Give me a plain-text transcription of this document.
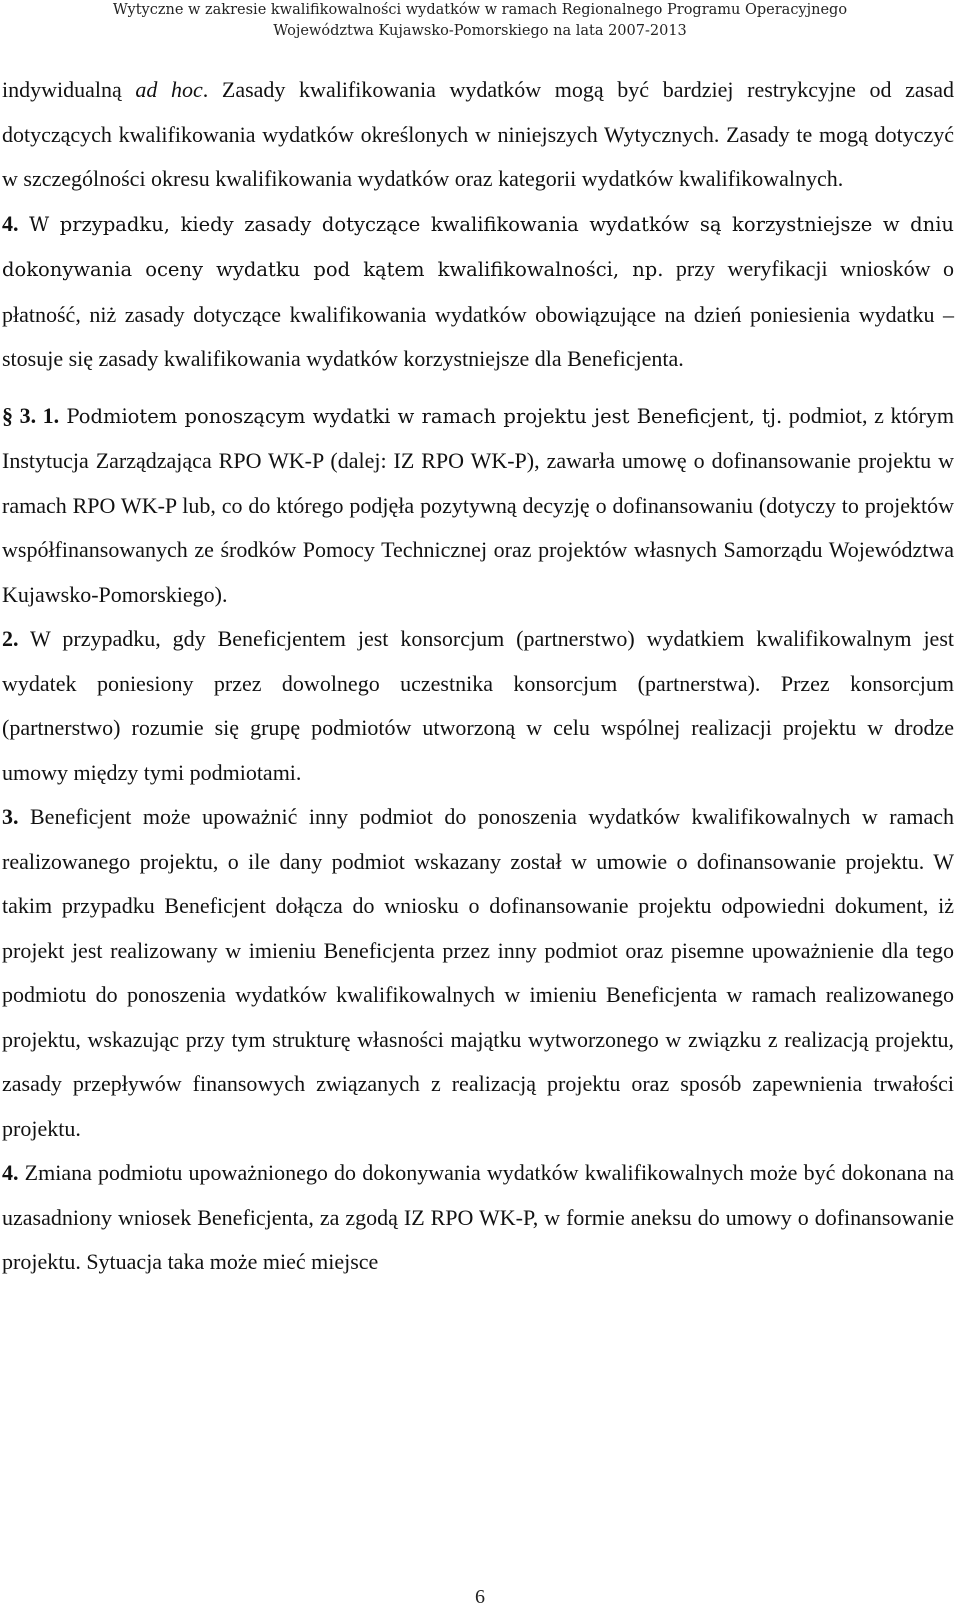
Wytyczne w zakresie kwalifikowalności wydatków w ramach Regionalnego Programu Operacyjnego
Województwa Kujawsko-Pomorskiego na lata 2007-2013

indywidualną ad hoc. Zasady kwalifikowania wydatków mogą być bardziej restrykcyjne od zasad dotyczących kwalifikowania wydatków określonych w niniejszych Wytycznych. Zasady te mogą dotyczyć w szczególności okresu kwalifikowania wydatków oraz kategorii wydatków kwalifikowalnych.

4. W przypadku, kiedy zasady dotyczące kwalifikowania wydatków są korzystniejsze w dniu dokonywania oceny wydatku pod kątem kwalifikowalności, np. przy weryfikacji wniosków o płatność, niż zasady dotyczące kwalifikowania wydatków obowiązujące na dzień poniesienia wydatku – stosuje się zasady kwalifikowania wydatków korzystniejsze dla Beneficjenta.

§ 3. 1. Podmiotem ponoszącym wydatki w ramach projektu jest Beneficjent, tj. podmiot, z którym Instytucja Zarządzająca RPO WK-P (dalej: IZ RPO WK-P), zawarła umowę o dofinansowanie projektu w ramach RPO WK-P lub, co do którego podjęła pozytywną decyzję o dofinansowaniu (dotyczy to projektów współfinansowanych ze środków Pomocy Technicznej oraz projektów własnych Samorządu Województwa Kujawsko-Pomorskiego).

2. W przypadku, gdy Beneficjentem jest konsorcjum (partnerstwo) wydatkiem kwalifikowalnym jest wydatek poniesiony przez dowolnego uczestnika konsorcjum (partnerstwa). Przez konsorcjum (partnerstwo) rozumie się grupę podmiotów utworzoną w celu wspólnej realizacji projektu w drodze umowy między tymi podmiotami.

3. Beneficjent może upoważnić inny podmiot do ponoszenia wydatków kwalifikowalnych w ramach realizowanego projektu, o ile dany podmiot wskazany został w umowie o dofinansowanie projektu. W takim przypadku Beneficjent dołącza do wniosku o dofinansowanie projektu odpowiedni dokument, iż projekt jest realizowany w imieniu Beneficjenta przez inny podmiot oraz pisemne upoważnienie dla tego podmiotu do ponoszenia wydatków kwalifikowalnych w imieniu Beneficjenta w ramach realizowanego projektu, wskazując przy tym strukturę własności majątku wytworzonego w związku z realizacją projektu, zasady przepływów finansowych związanych z realizacją projektu oraz sposób zapewnienia trwałości projektu.

4. Zmiana podmiotu upoważnionego do dokonywania wydatków kwalifikowalnych może być dokonana na uzasadniony wniosek Beneficjenta, za zgodą IZ RPO WK-P, w formie aneksu do umowy o dofinansowanie projektu. Sytuacja taka może mieć miejsce

6
